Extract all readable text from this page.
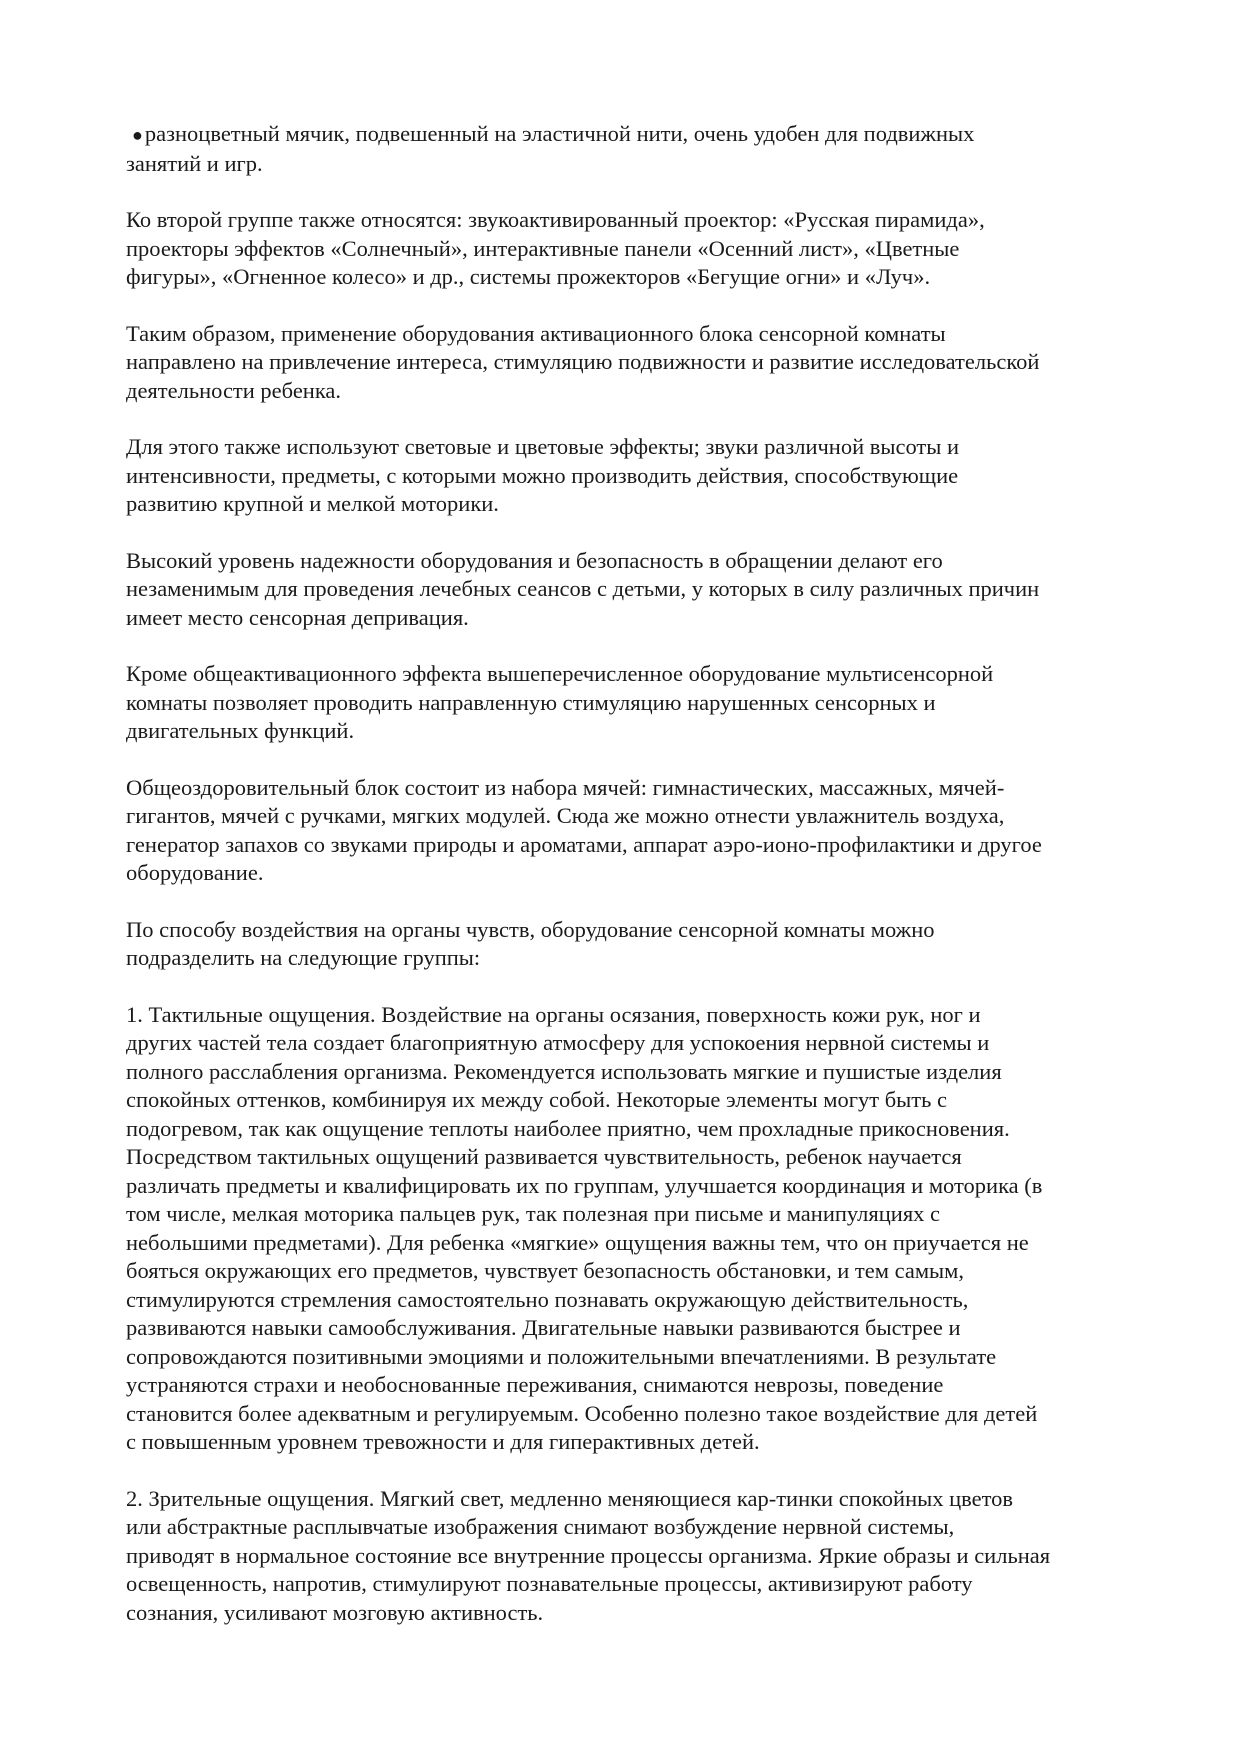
●разноцветный мячик, подвешенный на эластичной нити, очень удобен для подвижных
занятий и игр.
Ко второй группе также относятся: звукоактивированный проектор: «Русская пирамида»,
проекторы эффектов «Солнечный», интерактивные панели «Осенний лист», «Цветные
фигуры», «Огненное колесо» и др., системы прожекторов «Бегущие огни» и «Луч».
Таким образом, применение оборудования активационного блока сенсорной комнаты
направлено на привлечение интереса, стимуляцию подвижности и развитие исследовательской
деятельности ребенка.
Для этого также используют световые и цветовые эффекты; звуки различной высоты и
интенсивности, предметы, с которыми можно производить действия, способствующие
развитию крупной и мелкой моторики.
Высокий уровень надежности оборудования и безопасность в обращении делают его
незаменимым для проведения лечебных сеансов с детьми, у которых в силу различных причин
имеет место сенсорная депривация.
Кроме общеактивационного эффекта вышеперечисленное оборудование мультисенсорной
комнаты позволяет проводить направленную стимуляцию нарушенных сенсорных и
двигательных функций.
Общеоздоровительный блок состоит из набора мячей: гимнастических, массажных, мячей-
гигантов, мячей с ручками, мягких модулей. Сюда же можно отнести увлажнитель воздуха,
генератор запахов со звуками природы и ароматами, аппарат аэро-ионо-профилактики и другое
оборудование.
По способу воздействия на органы чувств, оборудование сенсорной комнаты можно
подразделить на следующие группы:
1. Тактильные ощущения. Воздействие на органы осязания, поверхность кожи рук, ног и
других частей тела создает благоприятную атмосферу для успокоения нервной системы и
полного расслабления организма. Рекомендуется использовать мягкие и пушистые изделия
спокойных оттенков, комбинируя их между собой. Некоторые элементы могут быть с
подогревом, так как ощущение теплоты наиболее приятно, чем прохладные прикосновения.
Посредством тактильных ощущений развивается чувствительность, ребенок научается
различать предметы и квалифицировать их по группам, улучшается координация и моторика (в
том числе, мелкая моторика пальцев рук, так полезная при письме и манипуляциях с
небольшими предметами). Для ребенка «мягкие» ощущения важны тем, что он приучается не
бояться окружающих его предметов, чувствует безопасность обстановки, и тем самым,
стимулируются стремления самостоятельно познавать окружающую действительность,
развиваются навыки самообслуживания. Двигательные навыки развиваются быстрее и
сопровождаются позитивными эмоциями и положительными впечатлениями. В результате
устраняются страхи и необоснованные переживания, снимаются неврозы, поведение
становится более адекватным и регулируемым. Особенно полезно такое воздействие для детей
с повышенным уровнем тревожности и для гиперактивных детей.
2. Зрительные ощущения. Мягкий свет, медленно меняющиеся кар-тинки спокойных цветов
или абстрактные расплывчатые изображения снимают возбуждение нервной системы,
приводят в нормальное состояние все внутренние процессы организма. Яркие образы и сильная
освещенность, напротив, стимулируют познавательные процессы, активизируют работу
сознания, усиливают мозговую активность.
